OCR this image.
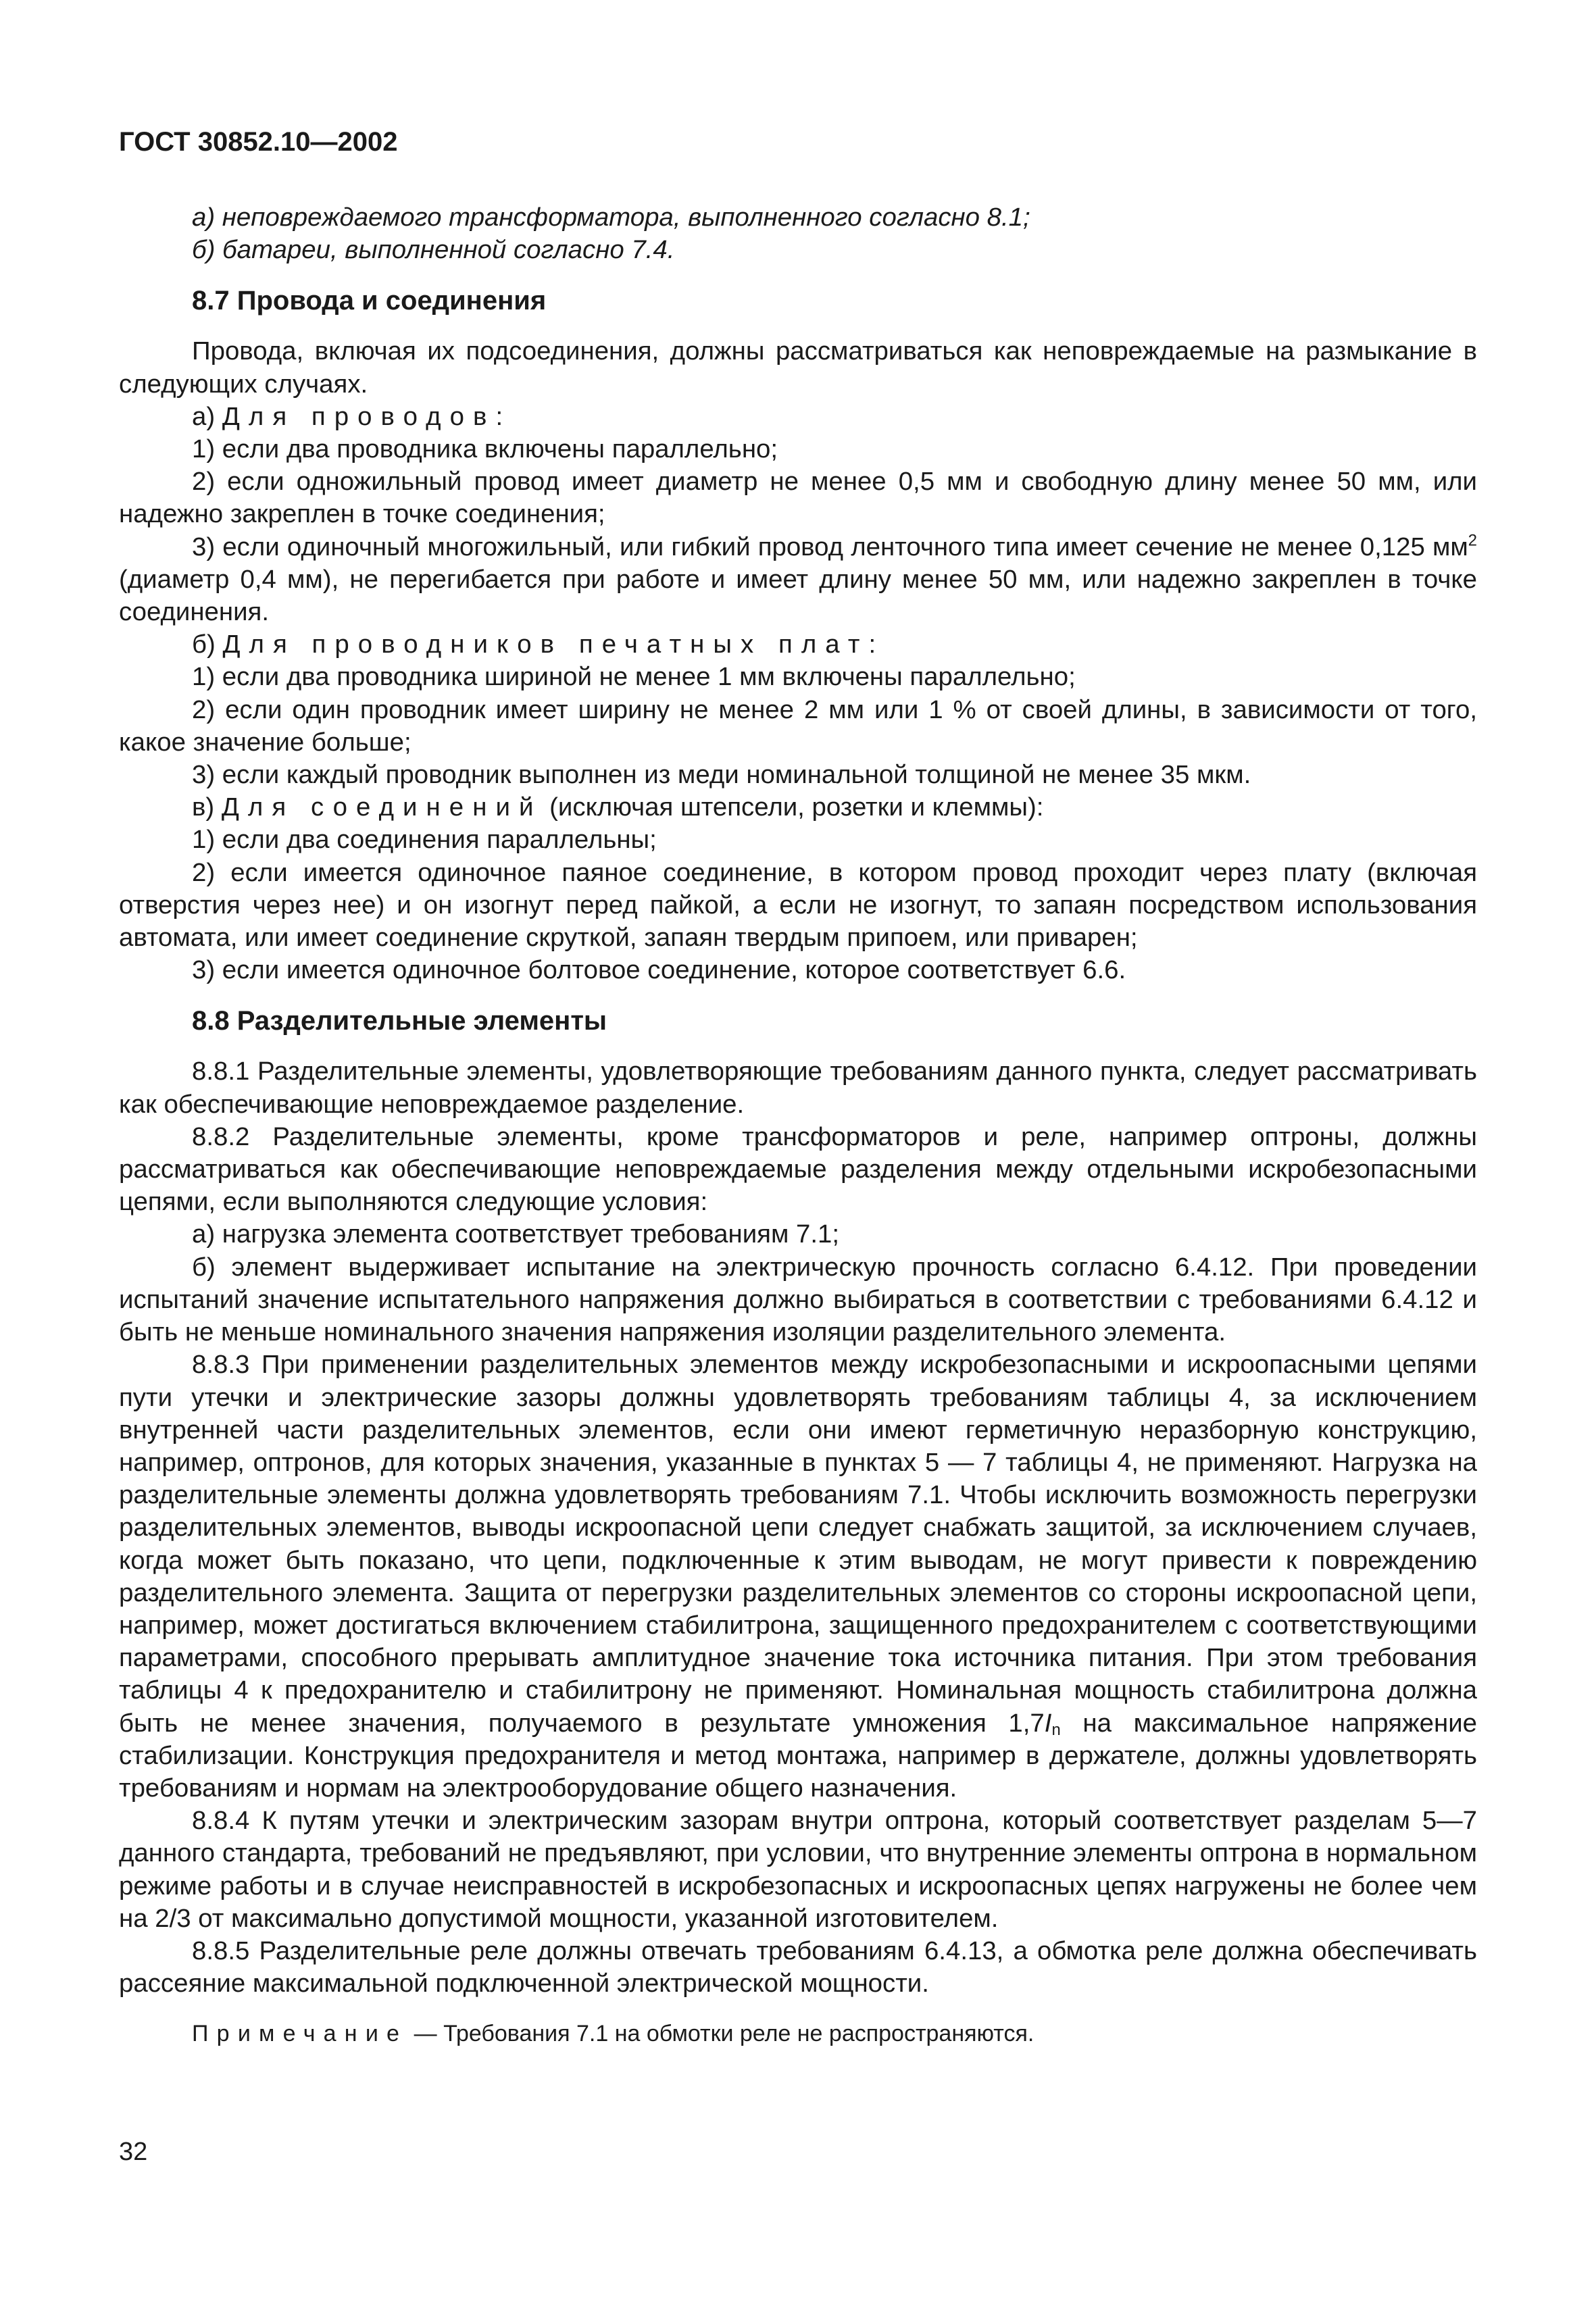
ГОСТ 30852.10—2002

а) неповреждаемого трансформатора, выполненного согласно 8.1;

б) батареи, выполненной согласно 7.4.

8.7 Провода и соединения

Провода, включая их подсоединения, должны рассматриваться как неповреждаемые на размыкание в следующих случаях.

а) Для проводов:

1) если два проводника включены параллельно;

2) если одножильный провод имеет диаметр не менее 0,5 мм и свободную длину менее 50 мм, или надежно закреплен в точке соединения;

3) если одиночный многожильный, или гибкий провод ленточного типа имеет сечение не менее 0,125 $мм^2$ (диаметр 0,4 мм), не перегибается при работе и имеет длину менее 50 мм, или надежно закреплен в точке соединения.

б) Для проводников печатных плат:

1) если два проводника шириной не менее 1 мм включены параллельно;

2) если один проводник имеет ширину не менее 2 мм или 1 % от своей длины, в зависимости от того, какое значение больше;

3) если каждый проводник выполнен из меди номинальной толщиной не менее 35 мкм.

в) Для соединений (исключая штепсели, розетки и клеммы):

1) если два соединения параллельны;

2) если имеется одиночное паяное соединение, в котором провод проходит через плату (включая отверстия через нее) и он изогнут перед пайкой, а если не изогнут, то запаян посредством использования автомата, или имеет соединение скруткой, запаян твердым припоем, или приварен;

3) если имеется одиночное болтовое соединение, которое соответствует 6.6.

8.8 Разделительные элементы

8.8.1 Разделительные элементы, удовлетворяющие требованиям данного пункта, следует рассматривать как обеспечивающие неповреждаемое разделение.

8.8.2 Разделительные элементы, кроме трансформаторов и реле, например оптроны, должны рассматриваться как обеспечивающие неповреждаемые разделения между отдельными искробезопасными цепями, если выполняются следующие условия:

а) нагрузка элемента соответствует требованиям 7.1;

б) элемент выдерживает испытание на электрическую прочность согласно 6.4.12. При проведении испытаний значение испытательного напряжения должно выбираться в соответствии с требованиями 6.4.12 и быть не меньше номинального значения напряжения изоляции разделительного элемента.

8.8.3 При применении разделительных элементов между искробезопасными и искроопасными цепями пути утечки и электрические зазоры должны удовлетворять требованиям таблицы 4, за исключением внутренней части разделительных элементов, если они имеют герметичную неразборную конструкцию, например, оптронов, для которых значения, указанные в пунктах 5 — 7 таблицы 4, не применяют. Нагрузка на разделительные элементы должна удовлетворять требованиям 7.1. Чтобы исключить возможность перегрузки разделительных элементов, выводы искроопасной цепи следует снабжать защитой, за исключением случаев, когда может быть показано, что цепи, подключенные к этим выводам, не могут привести к повреждению разделительного элемента. Защита от перегрузки разделительных элементов со стороны искроопасной цепи, например, может достигаться включением стабилитрона, защищенного предохранителем с соответствующими параметрами, способного прерывать амплитудное значение тока источника питания. При этом требования таблицы 4 к предохранителю и стабилитрону не применяют. Номинальная мощность стабилитрона должна быть не менее значения, получаемого в результате умножения $1,7I_n$ на максимальное напряжение стабилизации. Конструкция предохранителя и метод монтажа, например в держателе, должны удовлетворять требованиям и нормам на электрооборудование общего назначения.

8.8.4 К путям утечки и электрическим зазорам внутри оптрона, который соответствует разделам 5—7 данного стандарта, требований не предъявляют, при условии, что внутренние элементы оптрона в нормальном режиме работы и в случае неисправностей в искробезопасных и искроопасных цепях нагружены не более чем на 2/3 от максимально допустимой мощности, указанной изготовителем.

8.8.5 Разделительные реле должны отвечать требованиям 6.4.13, а обмотка реле должна обеспечивать рассеяние максимальной подключенной электрической мощности.

Примечание — Требования 7.1 на обмотки реле не распространяются.
32
